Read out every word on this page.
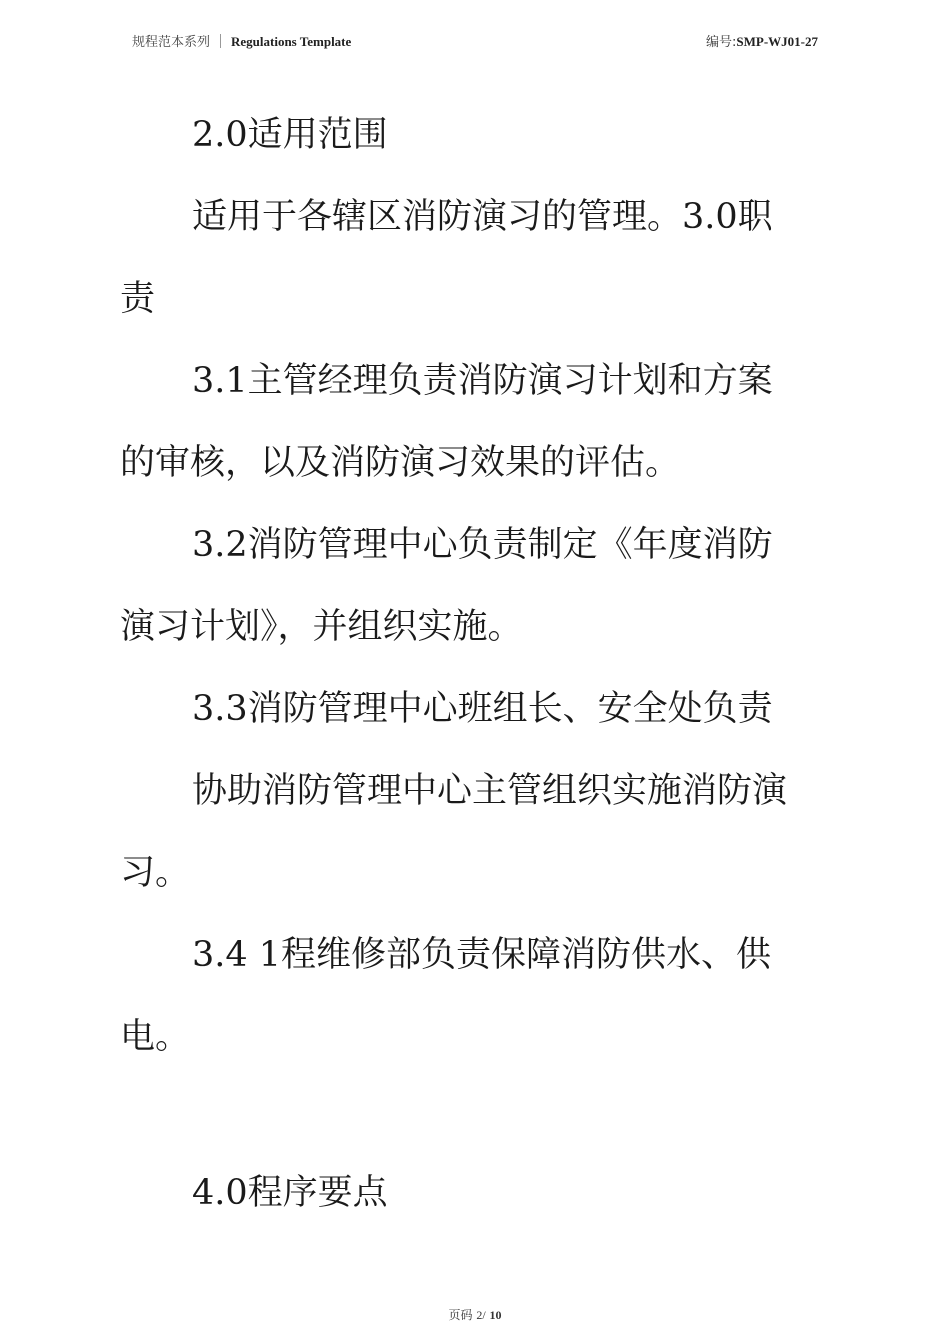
规程范本系列 Regulations Template	编号:SMP-WJ01-27
2.0适用范围
适用于各辖区消防演习的管理。3.0职
责
3.1主管经理负责消防演习计划和方案
的审核，以及消防演习效果的评估。
3.2消防管理中心负责制定《年度消防
演习计划》，并组织实施。
3.3消防管理中心班组长、安全处负责
协助消防管理中心主管组织实施消防演
习。
3.4 1程维修部负责保障消防供水、供
电。
4.0程序要点
页码 2/ 10
